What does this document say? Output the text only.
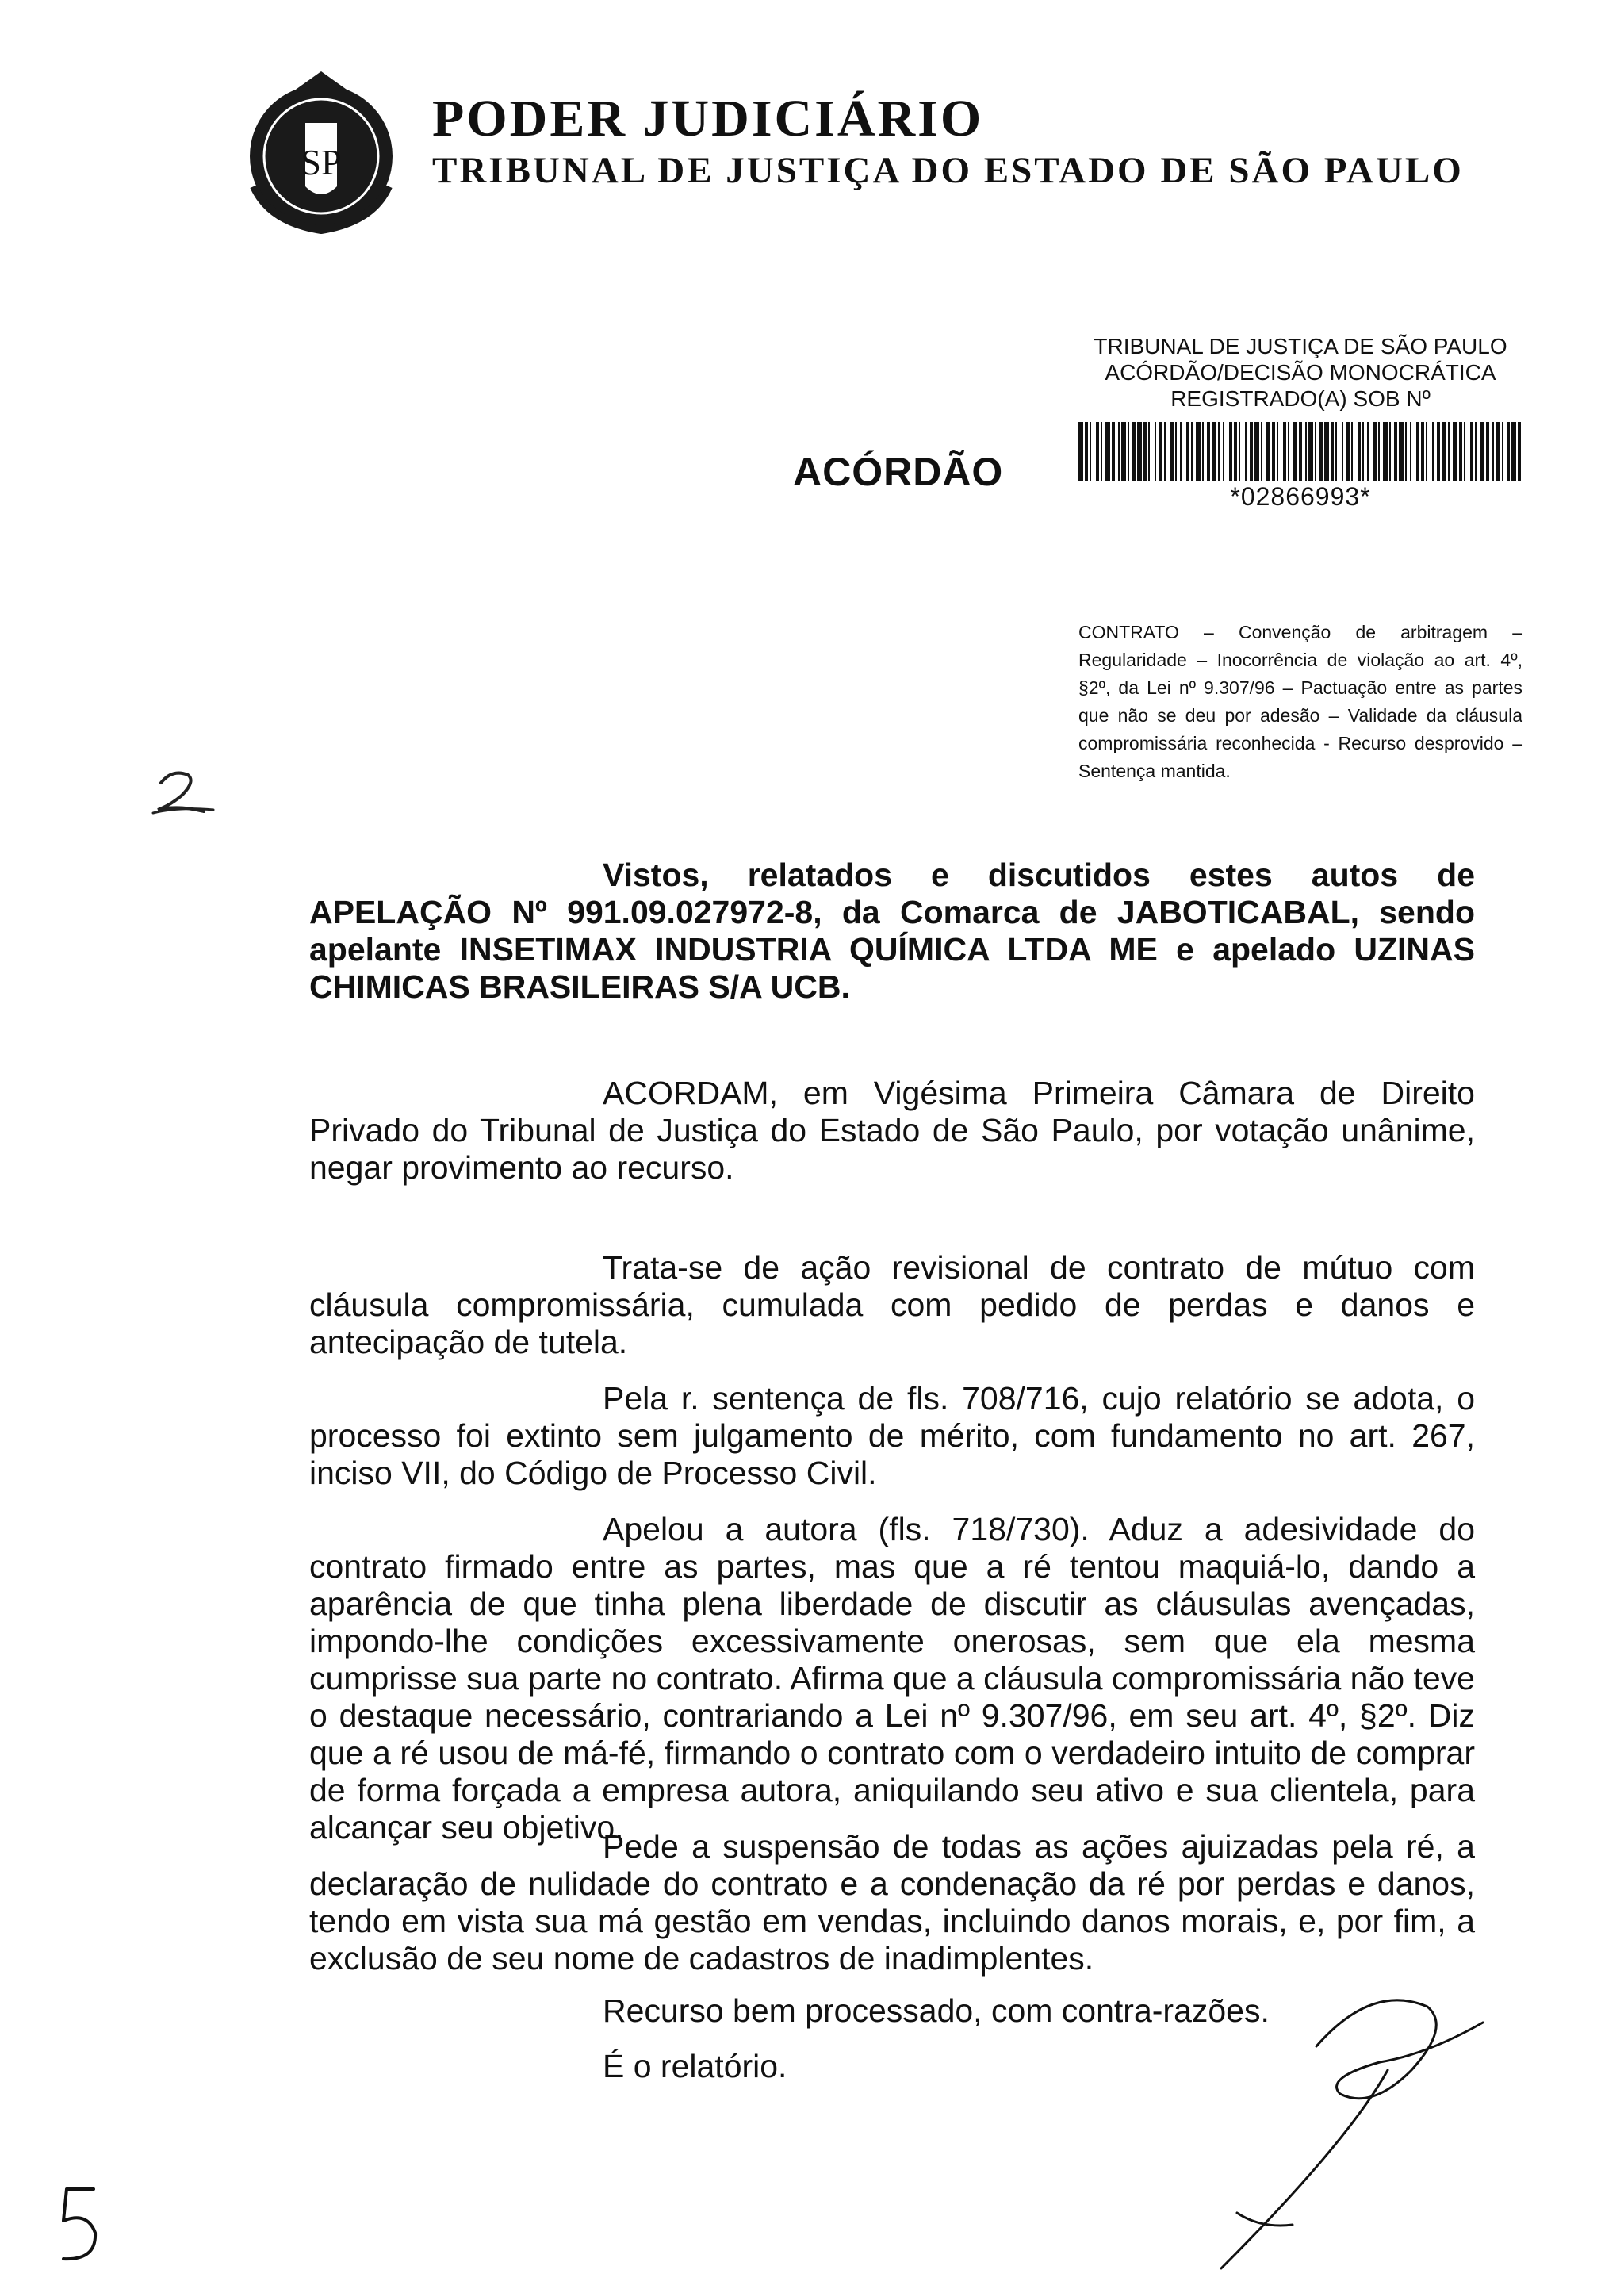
SP
PODER JUDICIÁRIO
TRIBUNAL DE JUSTIÇA DO ESTADO DE SÃO PAULO
TRIBUNAL DE JUSTIÇA DE SÃO PAULO
ACÓRDÃO/DECISÃO MONOCRÁTICA
REGISTRADO(A) SOB Nº
*02866993*
ACÓRDÃO
CONTRATO – Convenção de arbitragem – Regularidade – Inocorrência de violação ao art. 4º, §2º, da Lei nº 9.307/96 – Pactuação entre as partes que não se deu por adesão – Validade da cláusula compromissária reconhecida - Recurso desprovido – Sentença mantida.

Vistos, relatados e discutidos estes autos de APELAÇÃO Nº 991.09.027972-8, da Comarca de JABOTICABAL, sendo apelante INSETIMAX INDUSTRIA QUÍMICA LTDA ME e apelado UZINAS CHIMICAS BRASILEIRAS S/A UCB.

ACORDAM, em Vigésima Primeira Câmara de Direito Privado do Tribunal de Justiça do Estado de São Paulo, por votação unânime, negar provimento ao recurso.

Trata-se de ação revisional de contrato de mútuo com cláusula compromissária, cumulada com pedido de perdas e danos e antecipação de tutela.

Pela r. sentença de fls. 708/716, cujo relatório se adota, o processo foi extinto sem julgamento de mérito, com fundamento no art. 267, inciso VII, do Código de Processo Civil.

Apelou a autora (fls. 718/730). Aduz a adesividade do contrato firmado entre as partes, mas que a ré tentou maquiá-lo, dando a aparência de que tinha plena liberdade de discutir as cláusulas avençadas, impondo-lhe condições excessivamente onerosas, sem que ela mesma cumprisse sua parte no contrato. Afirma que a cláusula compromissária não teve o destaque necessário, contrariando a Lei nº 9.307/96, em seu art. 4º, §2º. Diz que a ré usou de má-fé, firmando o contrato com o verdadeiro intuito de comprar de forma forçada a empresa autora, aniquilando seu ativo e sua clientela, para alcançar seu objetivo.

Pede a suspensão de todas as ações ajuizadas pela ré, a declaração de nulidade do contrato e a condenação da ré por perdas e danos, tendo em vista sua má gestão em vendas, incluindo danos morais, e, por fim, a exclusão de seu nome de cadastros de inadimplentes.

Recurso bem processado, com contra-razões.
É o relatório.
